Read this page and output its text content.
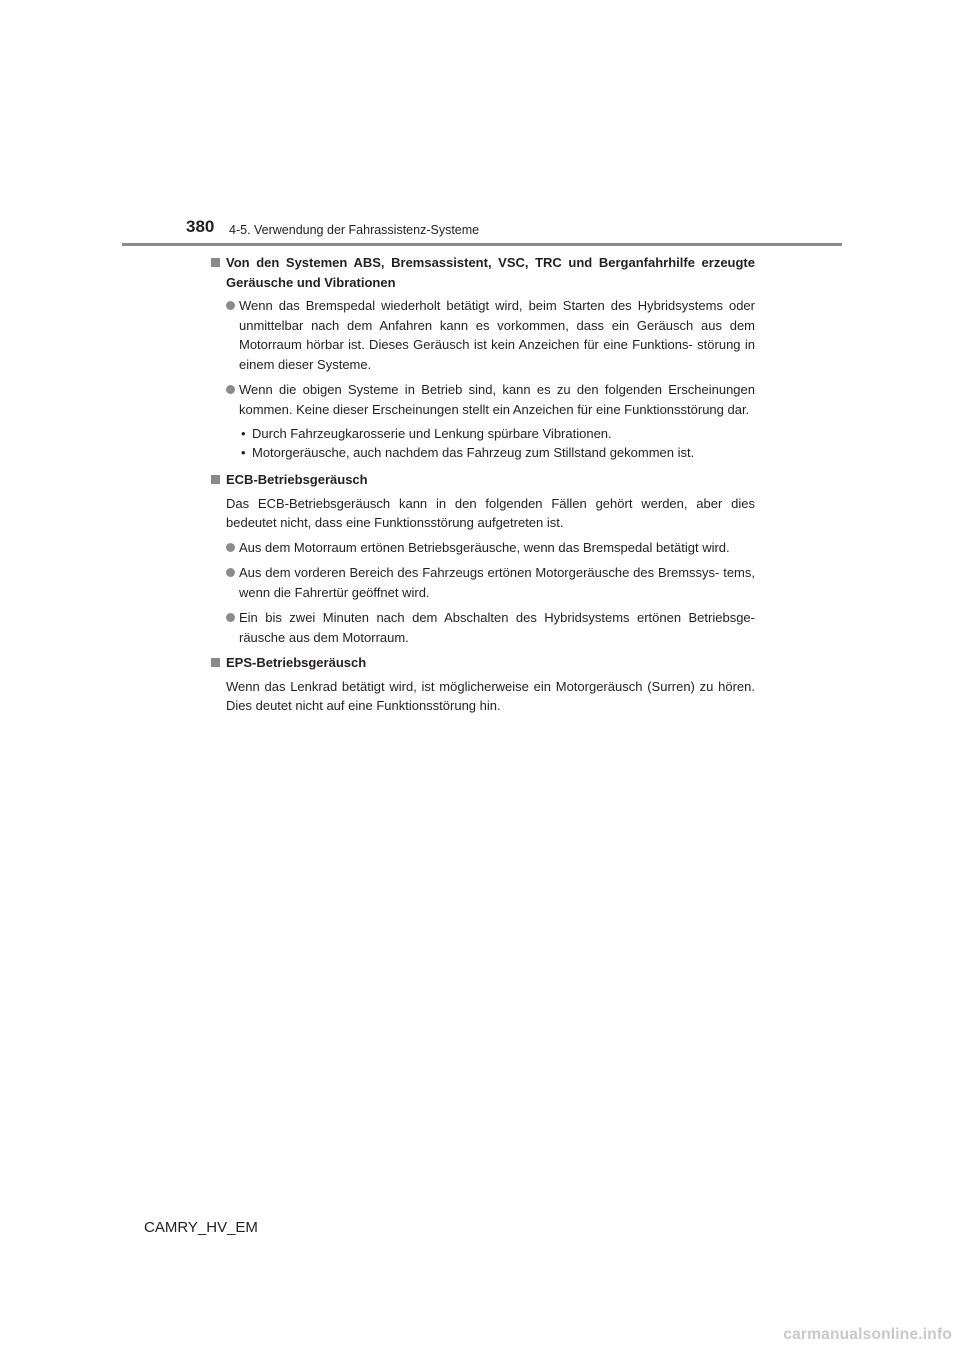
380 4-5. Verwendung der Fahrassistenz-Systeme
Von den Systemen ABS, Bremsassistent, VSC, TRC und Berganfahrhilfe erzeugte Geräusche und Vibrationen
Wenn das Bremspedal wiederholt betätigt wird, beim Starten des Hybridsystems oder unmittelbar nach dem Anfahren kann es vorkommen, dass ein Geräusch aus dem Motorraum hörbar ist. Dieses Geräusch ist kein Anzeichen für eine Funktions- störung in einem dieser Systeme.
Wenn die obigen Systeme in Betrieb sind, kann es zu den folgenden Erscheinungen kommen. Keine dieser Erscheinungen stellt ein Anzeichen für eine Funktionsstörung dar.
• Durch Fahrzeugkarosserie und Lenkung spürbare Vibrationen.
• Motorgeräusche, auch nachdem das Fahrzeug zum Stillstand gekommen ist.
ECB-Betriebsgeräusch
Das ECB-Betriebsgeräusch kann in den folgenden Fällen gehört werden, aber dies bedeutet nicht, dass eine Funktionsstörung aufgetreten ist.
Aus dem Motorraum ertönen Betriebsgeräusche, wenn das Bremspedal betätigt wird.
Aus dem vorderen Bereich des Fahrzeugs ertönen Motorgeräusche des Bremssys- tems, wenn die Fahrertür geöffnet wird.
Ein bis zwei Minuten nach dem Abschalten des Hybridsystems ertönen Betriebsge- räusche aus dem Motorraum.
EPS-Betriebsgeräusch
Wenn das Lenkrad betätigt wird, ist möglicherweise ein Motorgeräusch (Surren) zu hören. Dies deutet nicht auf eine Funktionsstörung hin.
CAMRY_HV_EM
carmanualsonline.info
